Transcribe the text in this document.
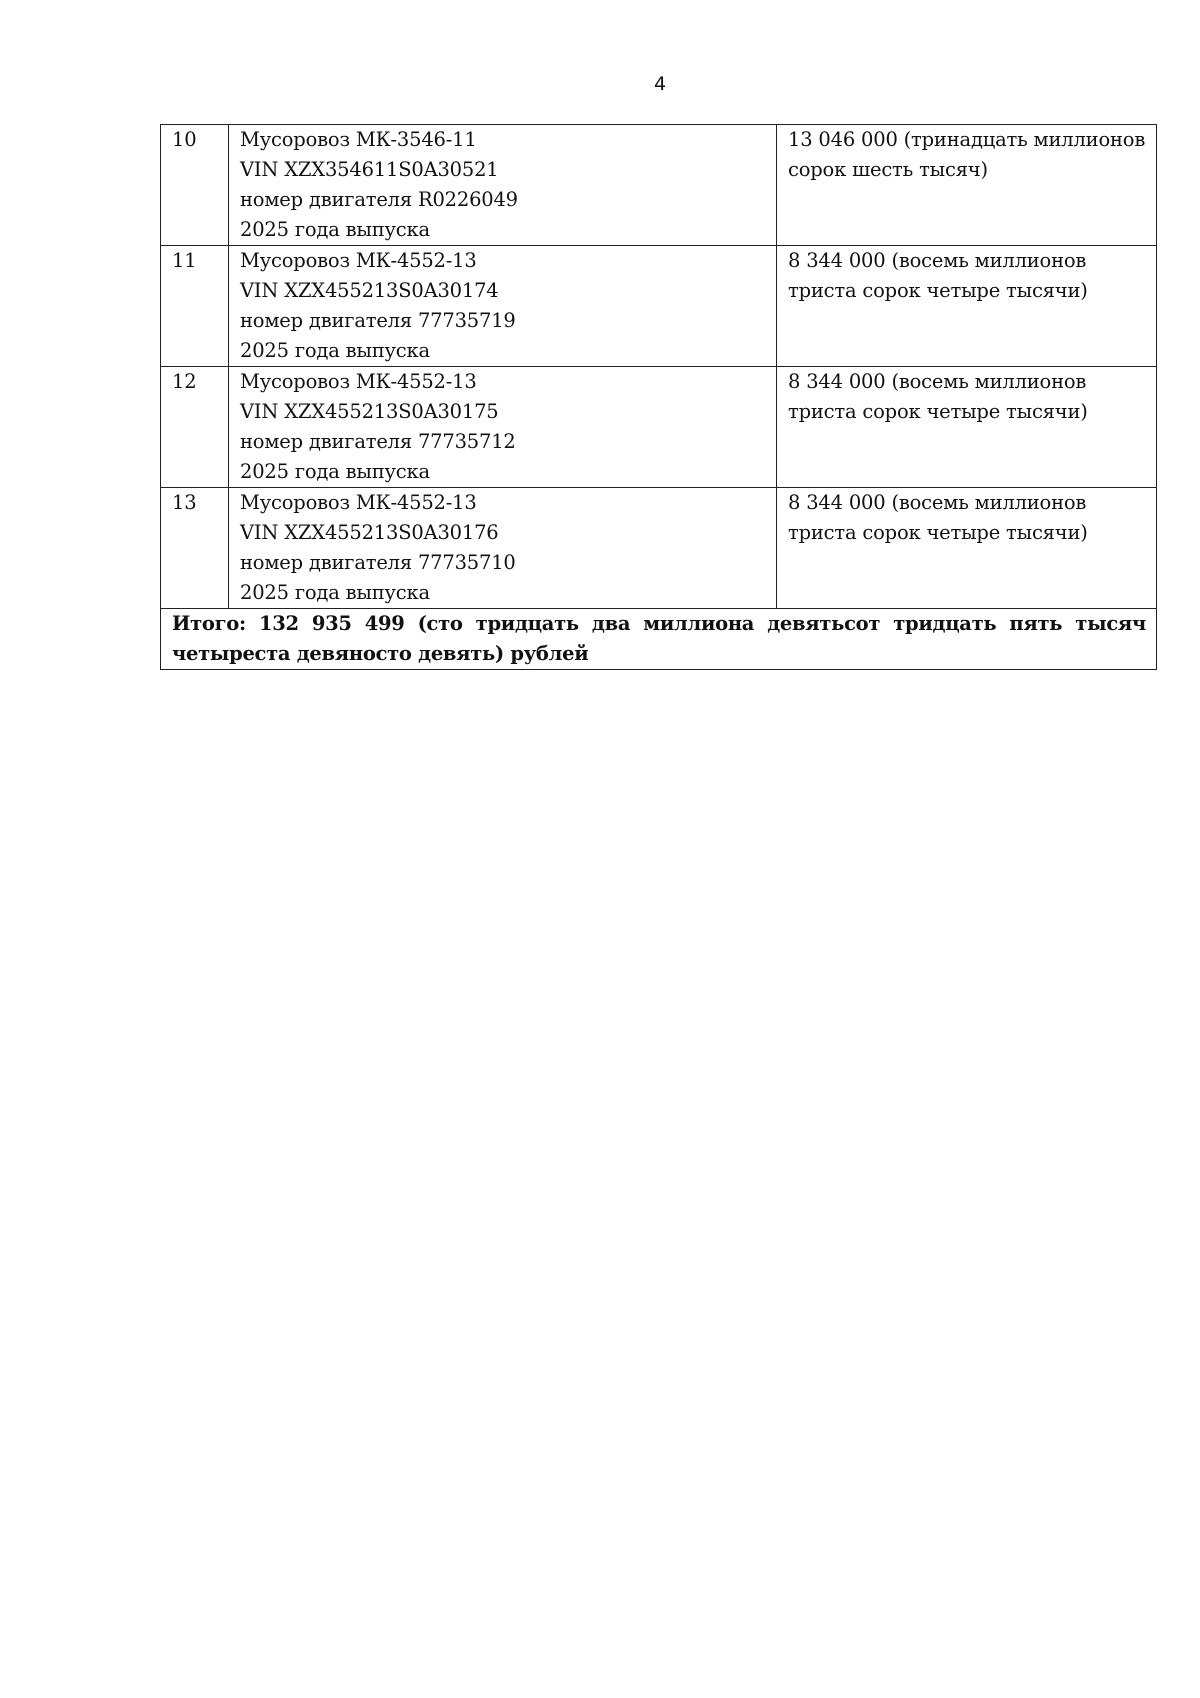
4
10	Мусоровоз МК-3546-11
VIN XZX354611S0A30521
номер двигателя R0226049
2025 года выпуска	13 046 000 (тринадцать миллионов сорок шесть тысяч)

11	Мусоровоз МК-4552-13
VIN XZX455213S0A30174
номер двигателя 77735719
2025 года выпуска	8 344 000 (восемь миллионов триста сорок четыре тысячи)

12	Мусоровоз МК-4552-13
VIN XZX455213S0A30175
номер двигателя 77735712
2025 года выпуска	8 344 000 (восемь миллионов триста сорок четыре тысячи)

13	Мусоровоз МК-4552-13
VIN XZX455213S0A30176
номер двигателя 77735710
2025 года выпуска	8 344 000 (восемь миллионов триста сорок четыре тысячи)

Итого: 132 935 499 (сто тридцать два миллиона девятьсот тридцать пять тысяч четыреста девяносто девять) рублей		
